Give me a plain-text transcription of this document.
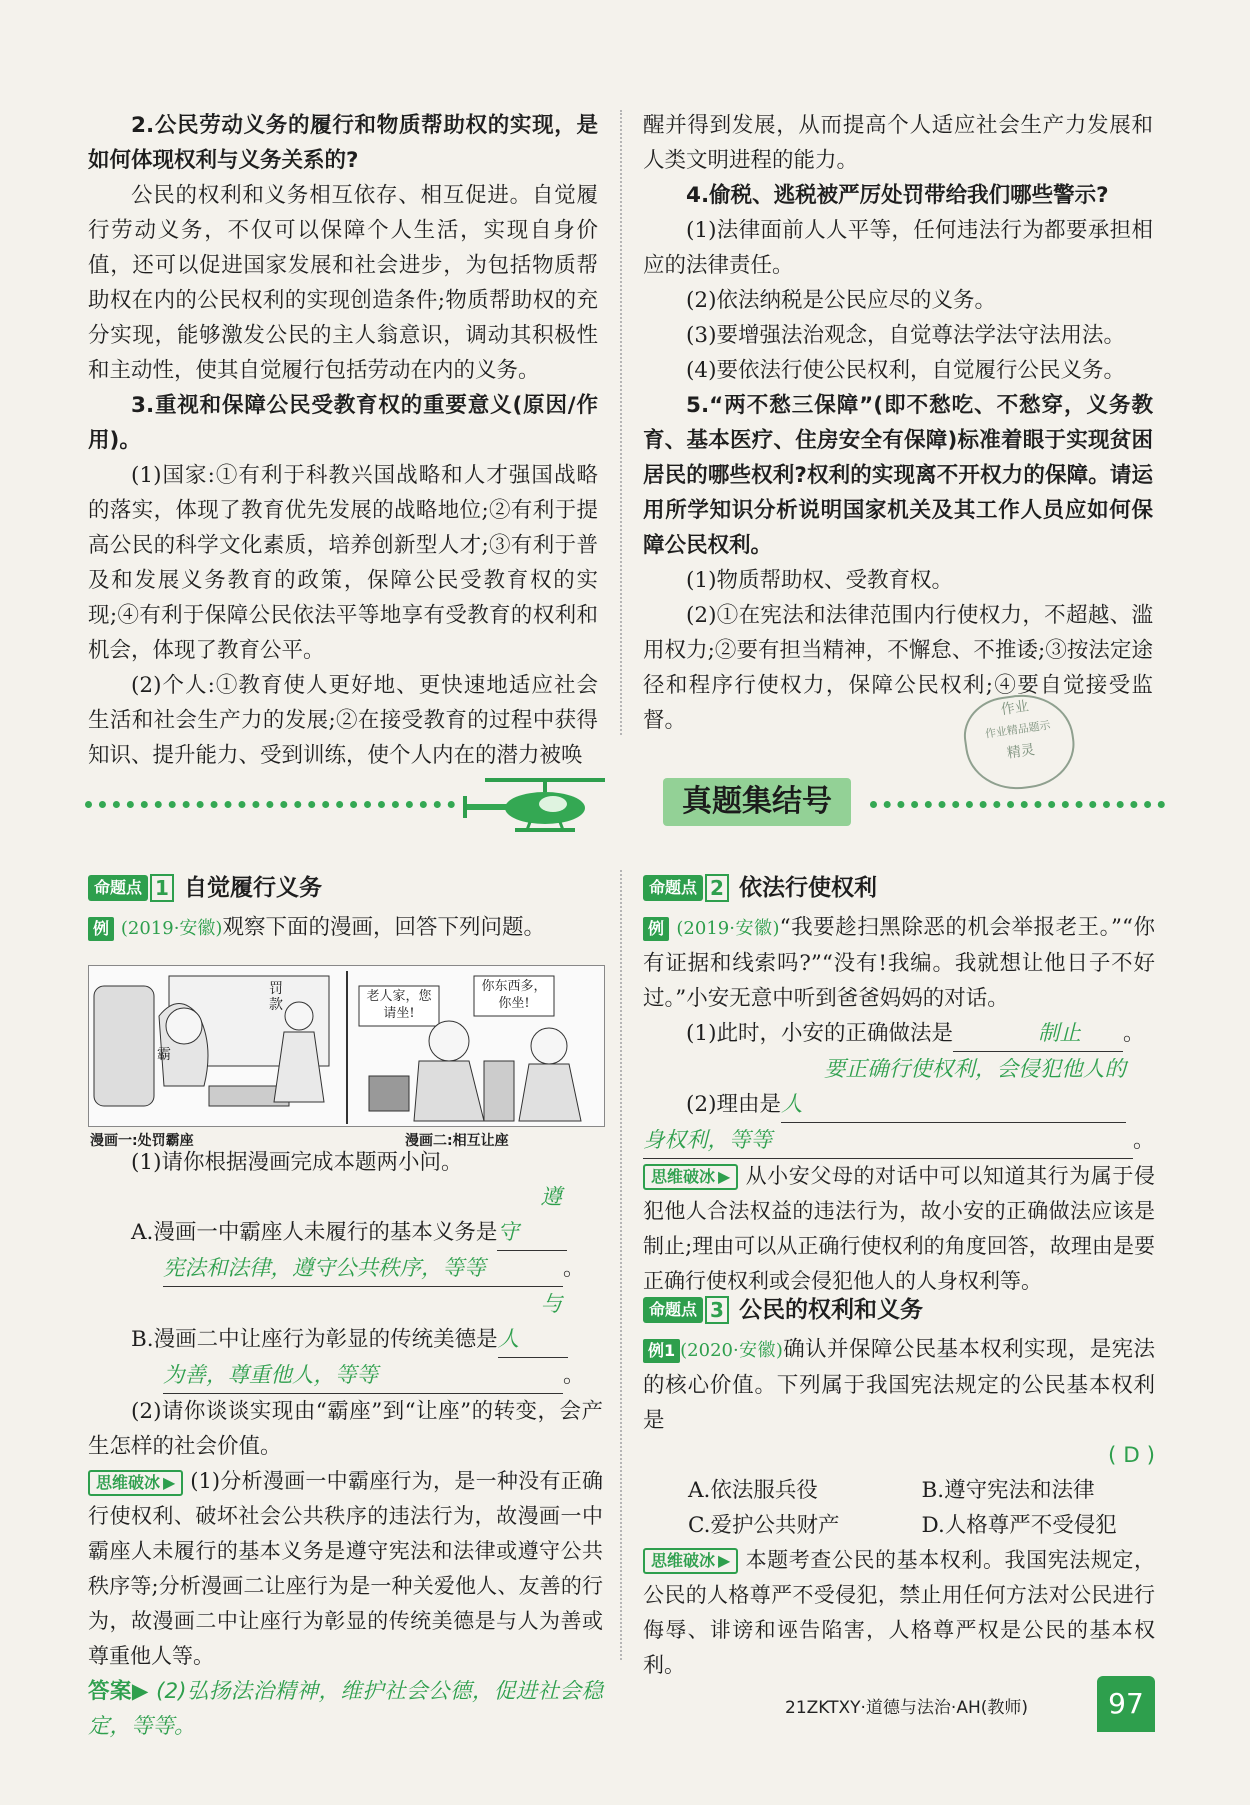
2.公民劳动义务的履行和物质帮助权的实现，是如何体现权利与义务关系的?

公民的权利和义务相互依存、相互促进。自觉履行劳动义务，不仅可以保障个人生活，实现自身价值，还可以促进国家发展和社会进步，为包括物质帮助权在内的公民权利的实现创造条件;物质帮助权的充分实现，能够激发公民的主人翁意识，调动其积极性和主动性，使其自觉履行包括劳动在内的义务。

3.重视和保障公民受教育权的重要意义(原因/作用)。

(1)国家:①有利于科教兴国战略和人才强国战略的落实，体现了教育优先发展的战略地位;②有利于提高公民的科学文化素质，培养创新型人才;③有利于普及和发展义务教育的政策，保障公民受教育权的实现;④有利于保障公民依法平等地享有受教育的权利和机会，体现了教育公平。

(2)个人:①教育使人更好地、更快速地适应社会生活和社会生产力的发展;②在接受教育的过程中获得知识、提升能力、受到训练，使个人内在的潜力被唤

醒并得到发展，从而提高个人适应社会生产力发展和人类文明进程的能力。

4.偷税、逃税被严厉处罚带给我们哪些警示?

(1)法律面前人人平等，任何违法行为都要承担相应的法律责任。

(2)依法纳税是公民应尽的义务。

(3)要增强法治观念，自觉尊法学法守法用法。

(4)要依法行使公民权利，自觉履行公民义务。

5.“两不愁三保障”(即不愁吃、不愁穿，义务教育、基本医疗、住房安全有保障)标准着眼于实现贫困居民的哪些权利?权利的实现离不开权力的保障。请运用所学知识分析说明国家机关及其工作人员应如何保障公民权利。

(1)物质帮助权、受教育权。

(2)①在宪法和法律范围内行使权力，不超越、滥用权力;②要有担当精神，不懈怠、不推诿;③按法定途径和程序行使权力，保障公民权利;④要自觉接受监督。	作业
作业精品题示
精灵
真题集结号
命题点 1 自觉履行义务

例 (2019·安徽)观察下面的漫画，回答下列问题。

罚款
霸
老人家，您请坐!
你东西多，你坐!
漫画一:处罚霸座	漫画二:相互让座

(1)请你根据漫画完成本题两小问。

A.漫画一中霸座人未履行的基本义务是遵守

宪法和法律，遵守公共秩序，等等	。

B.漫画二中让座行为彰显的传统美德是与人

为善，尊重他人，等等	。

(2)请你谈谈实现由“霸座”到“让座”的转变，会产生怎样的社会价值。

思维破冰 ▶ (1)分析漫画一中霸座行为，是一种没有正确行使权利、破坏社会公共秩序的违法行为，故漫画一中霸座人未履行的基本义务是遵守宪法和法律或遵守公共秩序等;分析漫画二让座行为是一种关爱他人、友善的行为，故漫画二中让座行为彰显的传统美德是与人为善或尊重他人等。

答案▶ (2)弘扬法治精神，维护社会公德，促进社会稳定，等等。

命题点 2 依法行使权利

例 (2019·安徽)“我要趁扫黑除恶的机会举报老王。”“你有证据和线索吗?”“没有!我编。我就想让他日子不好过。”小安无意中听到爸爸妈妈的对话。

(1)此时，小安的正确做法是	制止 。

(2)理由是要正确行使权利，会侵犯他人的人

身权利，等等	。

思维破冰 ▶ 从小安父母的对话中可以知道其行为属于侵犯他人合法权益的违法行为，故小安的正确做法应该是制止;理由可以从正确行使权利的角度回答，故理由是要正确行使权利或会侵犯他人的人身权利等。

命题点 3 公民的权利和义务

例1 (2020·安徽)确认并保障公民基本权利实现，是宪法的核心价值。下列属于我国宪法规定的公民基本权利是

( D )

A.依法服兵役	B.遵守宪法和法律
C.爱护公共财产	D.人格尊严不受侵犯

思维破冰 ▶ 本题考查公民的基本权利。我国宪法规定，公民的人格尊严不受侵犯，禁止用任何方法对公民进行侮辱、诽谤和诬告陷害，人格尊严权是公民的基本权利。

21ZKTXY·道德与法治·AH(教师)	97
